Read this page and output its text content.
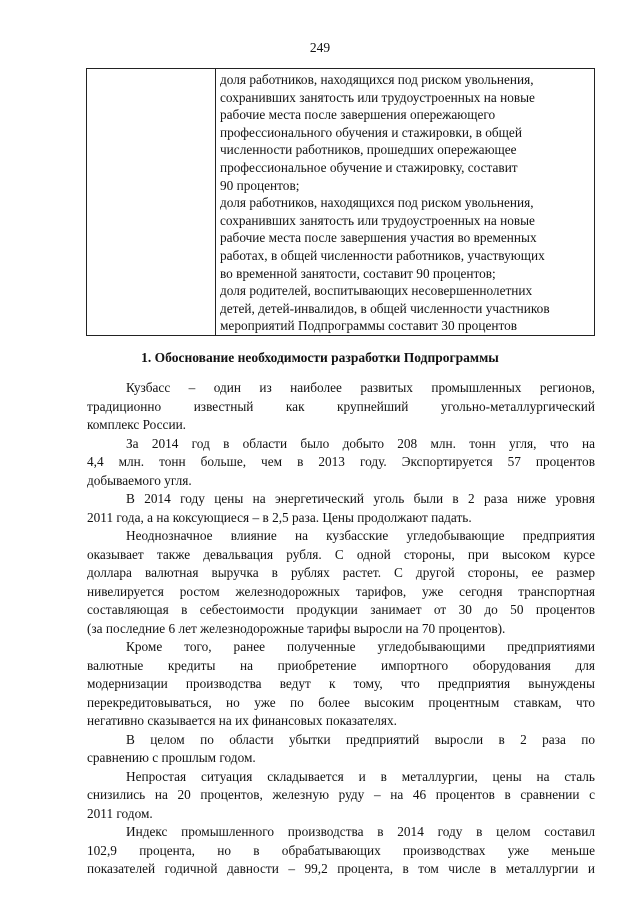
249

доля работников, находящихся под риском увольнения,
сохранивших занятость или трудоустроенных на новые
рабочие места после завершения опережающего
профессионального обучения и стажировки, в общей
численности работников, прошедших опережающее
профессиональное обучение и стажировку, составит
90 процентов;
доля работников, находящихся под риском увольнения,
сохранивших занятость или трудоустроенных на новые
рабочие места после завершения участия во временных
работах, в общей численности работников, участвующих
во временной занятости, составит 90 процентов;
доля родителей, воспитывающих несовершеннолетних
детей, детей-инвалидов, в общей численности участников
мероприятий Подпрограммы составит 30 процентов
1. Обоснование необходимости разработки Подпрограммы

Кузбасс – один из наиболее развитых промышленных регионов,
традиционно известный как крупнейший угольно-металлургический
комплекс России.

За 2014 год в области было добыто 208 млн. тонн угля, что на
4,4 млн. тонн больше, чем в 2013 году. Экспортируется 57 процентов
добываемого угля.

В 2014 году цены на энергетический уголь были в 2 раза ниже уровня
2011 года, а на коксующиеся – в 2,5 раза. Цены продолжают падать.

Неоднозначное влияние на кузбасские угледобывающие предприятия
оказывает также девальвация рубля. С одной стороны, при высоком курсе
доллара валютная выручка в рублях растет. С другой стороны, ее размер
нивелируется ростом железнодорожных тарифов, уже сегодня транспортная
составляющая в себестоимости продукции занимает от 30 до 50 процентов
(за последние 6 лет железнодорожные тарифы выросли на 70 процентов).

Кроме того, ранее полученные угледобывающими предприятиями
валютные кредиты на приобретение импортного оборудования для
модернизации производства ведут к тому, что предприятия вынуждены
перекредитовываться, но уже по более высоким процентным ставкам, что
негативно сказывается на их финансовых показателях.

В целом по области убытки предприятий выросли в 2 раза по
сравнению с прошлым годом.

Непростая ситуация складывается и в металлургии, цены на сталь
снизились на 20 процентов, железную руду – на 46 процентов в сравнении с
2011 годом.

Индекс промышленного производства в 2014 году в целом составил
102,9 процента, но в обрабатывающих производствах уже меньше
показателей годичной давности – 99,2 процента, в том числе в металлургии и
